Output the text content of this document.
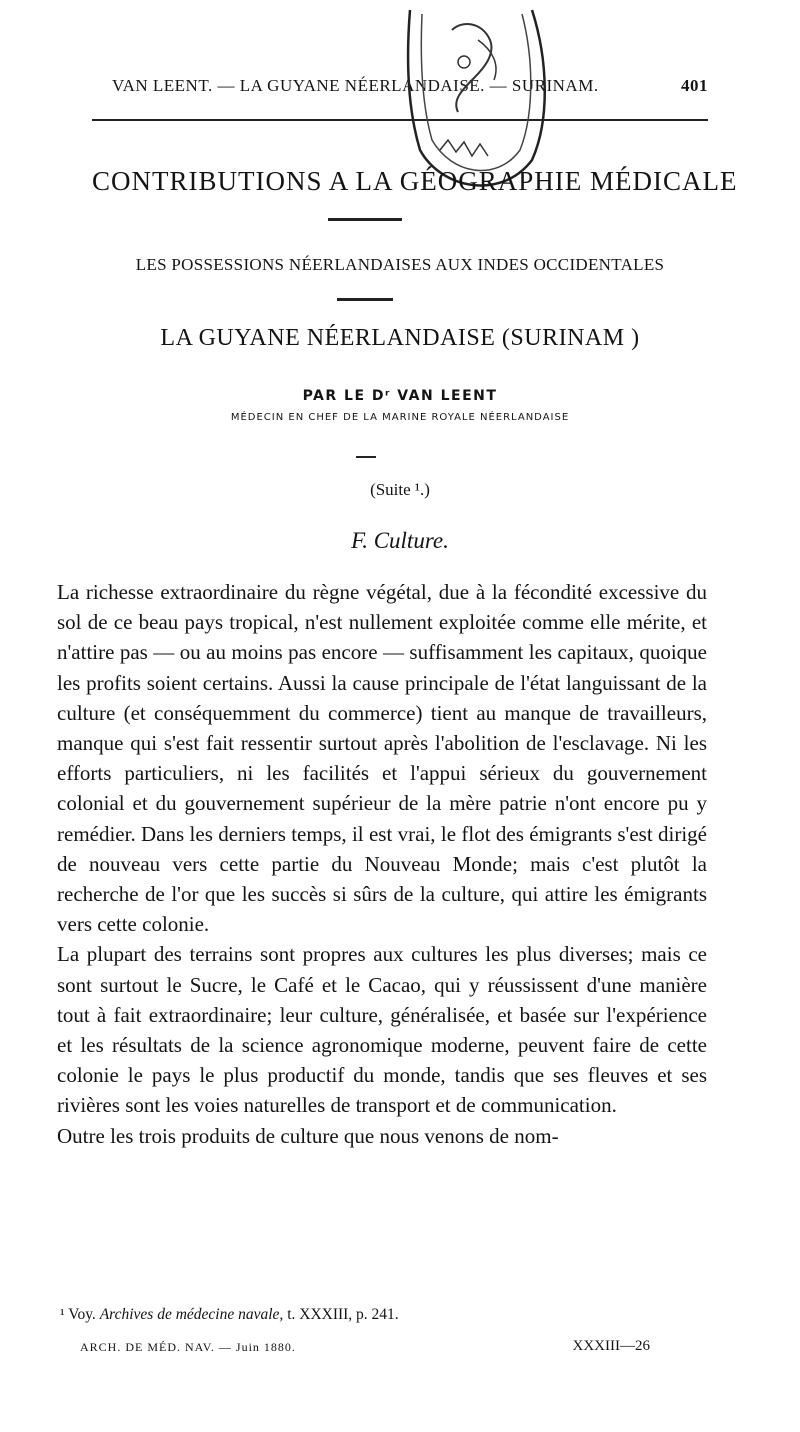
VAN LEENT. — LA GUYANE NÉERLANDAISE. — SURINAM.	401
CONTRIBUTIONS A LA GÉOGRAPHIE MÉDICALE
LES POSSESSIONS NÉERLANDAISES AUX INDES OCCIDENTALES
LA GUYANE NÉERLANDAISE (SURINAM )
PAR LE Dʳ VAN LEENT
MÉDECIN EN CHEF DE LA MARINE ROYALE NÉERLANDAISE
(Suite ¹.)
F. Culture.

La richesse extraordinaire du règne végétal, due à la fécondité excessive du sol de ce beau pays tropical, n'est nullement exploitée comme elle mérite, et n'attire pas — ou au moins pas encore — suffisamment les capitaux, quoique les profits soient certains. Aussi la cause principale de l'état languissant de la culture (et conséquemment du commerce) tient au manque de travailleurs, manque qui s'est fait ressentir surtout après l'abolition de l'esclavage. Ni les efforts particuliers, ni les facilités et l'appui sérieux du gouvernement colonial et du gouvernement supérieur de la mère patrie n'ont encore pu y remédier. Dans les derniers temps, il est vrai, le flot des émigrants s'est dirigé de nouveau vers cette partie du Nouveau Monde; mais c'est plutôt la recherche de l'or que les succès si sûrs de la culture, qui attire les émigrants vers cette colonie.

La plupart des terrains sont propres aux cultures les plus diverses; mais ce sont surtout le Sucre, le Café et le Cacao, qui y réussissent d'une manière tout à fait extraordinaire; leur culture, généralisée, et basée sur l'expérience et les résultats de la science agronomique moderne, peuvent faire de cette colonie le pays le plus productif du monde, tandis que ses fleuves et ses rivières sont les voies naturelles de transport et de communication.

Outre les trois produits de culture que nous venons de nom-

¹ Voy. Archives de médecine navale, t. XXXIII, p. 241.
ARCH. DE MÉD. NAV. — Juin 1880.	XXXIII—26
